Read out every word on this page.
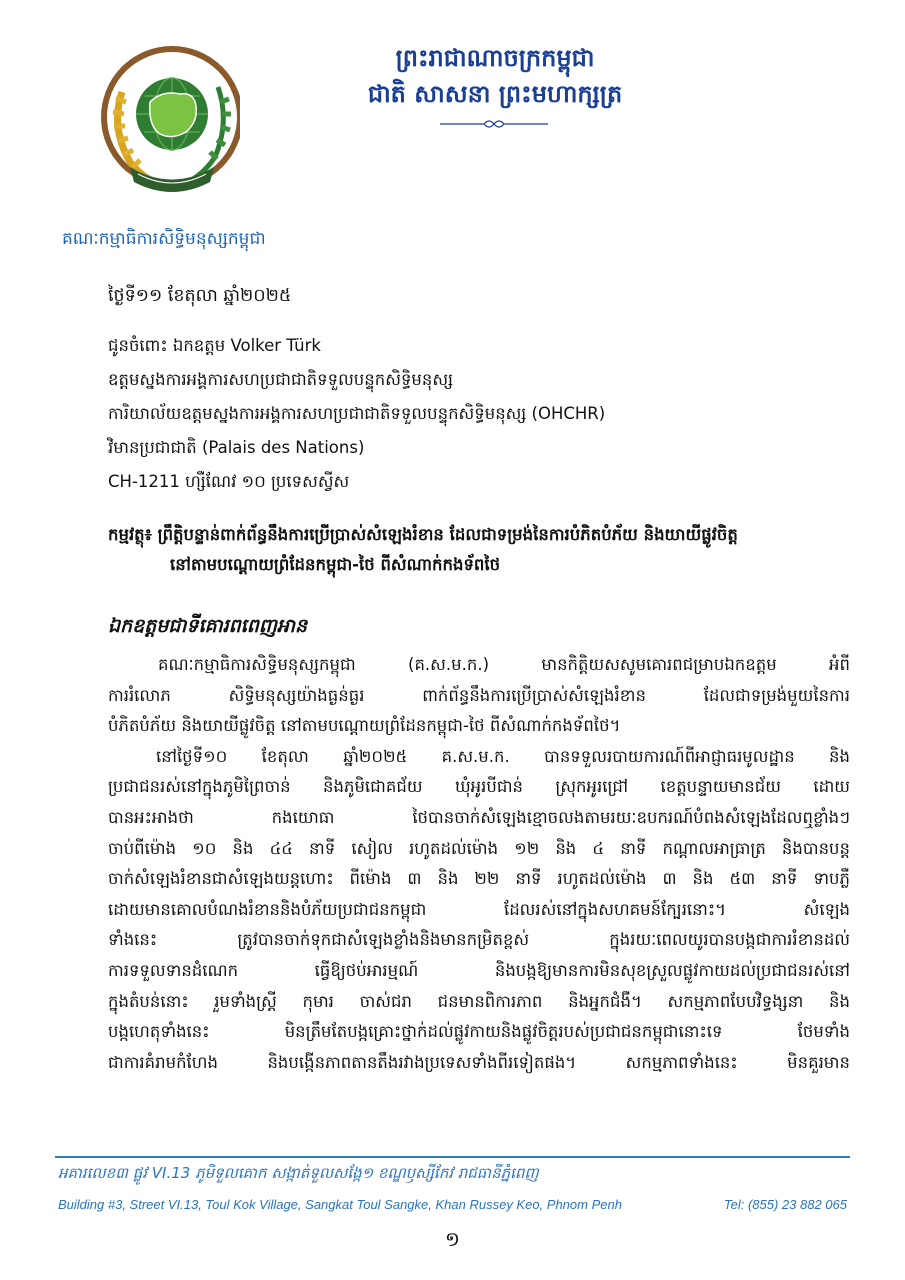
ព្រះរាជាណាចក្រកម្ពុជា
ជាតិ សាសនា ព្រះមហាក្សត្រ
គណៈកម្មាធិការសិទ្ធិមនុស្សកម្ពុជា
ថ្ងៃទី១១ ខែតុលា ឆ្នាំ២០២៥
ជូនចំពោះ ឯកឧត្តម Volker Türk
ឧត្តមស្នងការអង្គការសហប្រជាជាតិទទួលបន្ទុកសិទ្ធិមនុស្ស
ការិយាល័យឧត្តមស្នងការអង្គការសហប្រជាជាតិទទួលបន្ទុកសិទ្ធិមនុស្ស (OHCHR)
វិមានប្រជាជាតិ (Palais des Nations)
CH-1211 ហ្សឺណែវ ១០ ប្រទេសស្វីស
កម្មវត្ថុ៖ ព្រឹត្តិបន្ទាន់ពាក់ព័ន្ធនឹងការប្រើប្រាស់សំឡេងរំខាន ដែលជាទម្រង់នៃការបំភិតបំភ័យ និងយាយីផ្លូវចិត្ត
នៅតាមបណ្តោយព្រំដែនកម្ពុជា-ថៃ ពីសំណាក់កងទ័ពថៃ
ឯកឧត្តមជាទីគោរពពេញអាន
គណៈកម្មាធិការសិទ្ធិមនុស្សកម្ពុជា (គ.ស.ម.ក.) មានកិត្តិយសសូមគោរពជម្រាបឯកឧត្តម អំពី
ការរំលោភ សិទ្ធិមនុស្សយ៉ាងធ្ងន់ធ្ងរ ពាក់ព័ន្ធនឹងការប្រើប្រាស់សំឡេងរំខាន ដែលជាទម្រង់មួយនៃការ
បំភិតបំភ័យ និងយាយីផ្លូវចិត្ត នៅតាមបណ្តោយព្រំដែនកម្ពុជា-ថៃ ពីសំណាក់កងទ័ពថៃ។
នៅថ្ងៃទី១០ ខែតុលា ឆ្នាំ២០២៥ គ.ស.ម.ក. បានទទួលរបាយការណ៍ពីអាជ្ញាធរមូលដ្ឋាន និង
ប្រជាជនរស់នៅក្នុងភូមិព្រៃចាន់ និងភូមិជោគជ័យ ឃុំអូរបីជាន់ ស្រុកអូរជ្រៅ ខេត្តបន្ទាយមានជ័យ ដោយ
បានអះអាងថា កងយោធា ថៃបានចាក់សំឡេងខ្មោចលងតាមរយៈឧបករណ៍បំពងសំឡេងដែលឮខ្លាំងៗ
ចាប់ពីម៉ោង ១០ និង ៤៤ នាទី សៀល រហូតដល់ម៉ោង ១២ និង ៤ នាទី កណ្តាលអាធ្រាត្រ និងបានបន្ត
ចាក់សំឡេងរំខានជាសំឡេងយន្តហោះ ពីម៉ោង ៣ និង ២២ នាទី រហូតដល់ម៉ោង ៣ និង ៥៣ នាទី ទាបភ្លឺ
ដោយមានគោលបំណងរំខាននិងបំភ័យប្រជាជនកម្ពុជា ដែលរស់នៅក្នុងសហគមន៍ក្បែរនោះ។ សំឡេង
ទាំងនេះ ត្រូវបានចាក់ទុកជាសំឡេងខ្លាំងនិងមានកម្រិតខ្ពស់ ក្នុងរយៈពេលយូរបានបង្កជាការរំខានដល់
ការទទួលទានដំណេក ធ្វើឱ្យថប់អារម្មណ៍ និងបង្កឱ្យមានការមិនសុខស្រួលផ្លូវកាយដល់ប្រជាជនរស់នៅ
ក្នុងតំបន់នោះ រួមទាំងស្ត្រី កុមារ ចាស់ជរា ជនមានពិការភាព និងអ្នកជំងឺ។ សកម្មភាពបែបវិទ្ធង្សនា និង
បង្កហេតុទាំងនេះ មិនត្រឹមតែបង្កគ្រោះថ្នាក់ដល់ផ្លូវកាយនិងផ្លូវចិត្តរបស់ប្រជាជនកម្ពុជានោះទេ ថែមទាំង
ជាការគំរាមកំហែង និងបង្កើនភាពតានតឹងរវាងប្រទេសទាំងពីរទៀតផង។ សកម្មភាពទាំងនេះ មិនគួរមាន
អគារលេខ៣ ផ្លូវ VI.13 ភូមិទួលគោក សង្កាត់ទួលសង្កែ១ ខណ្ឌឫស្សីកែវ រាជធានីភ្នំពេញ
Building #3, Street VI.13, Toul Kok Village, Sangkat Toul Sangke, Khan Russey Keo, Phnom Penh	Tel: (855) 23 882 065
១
